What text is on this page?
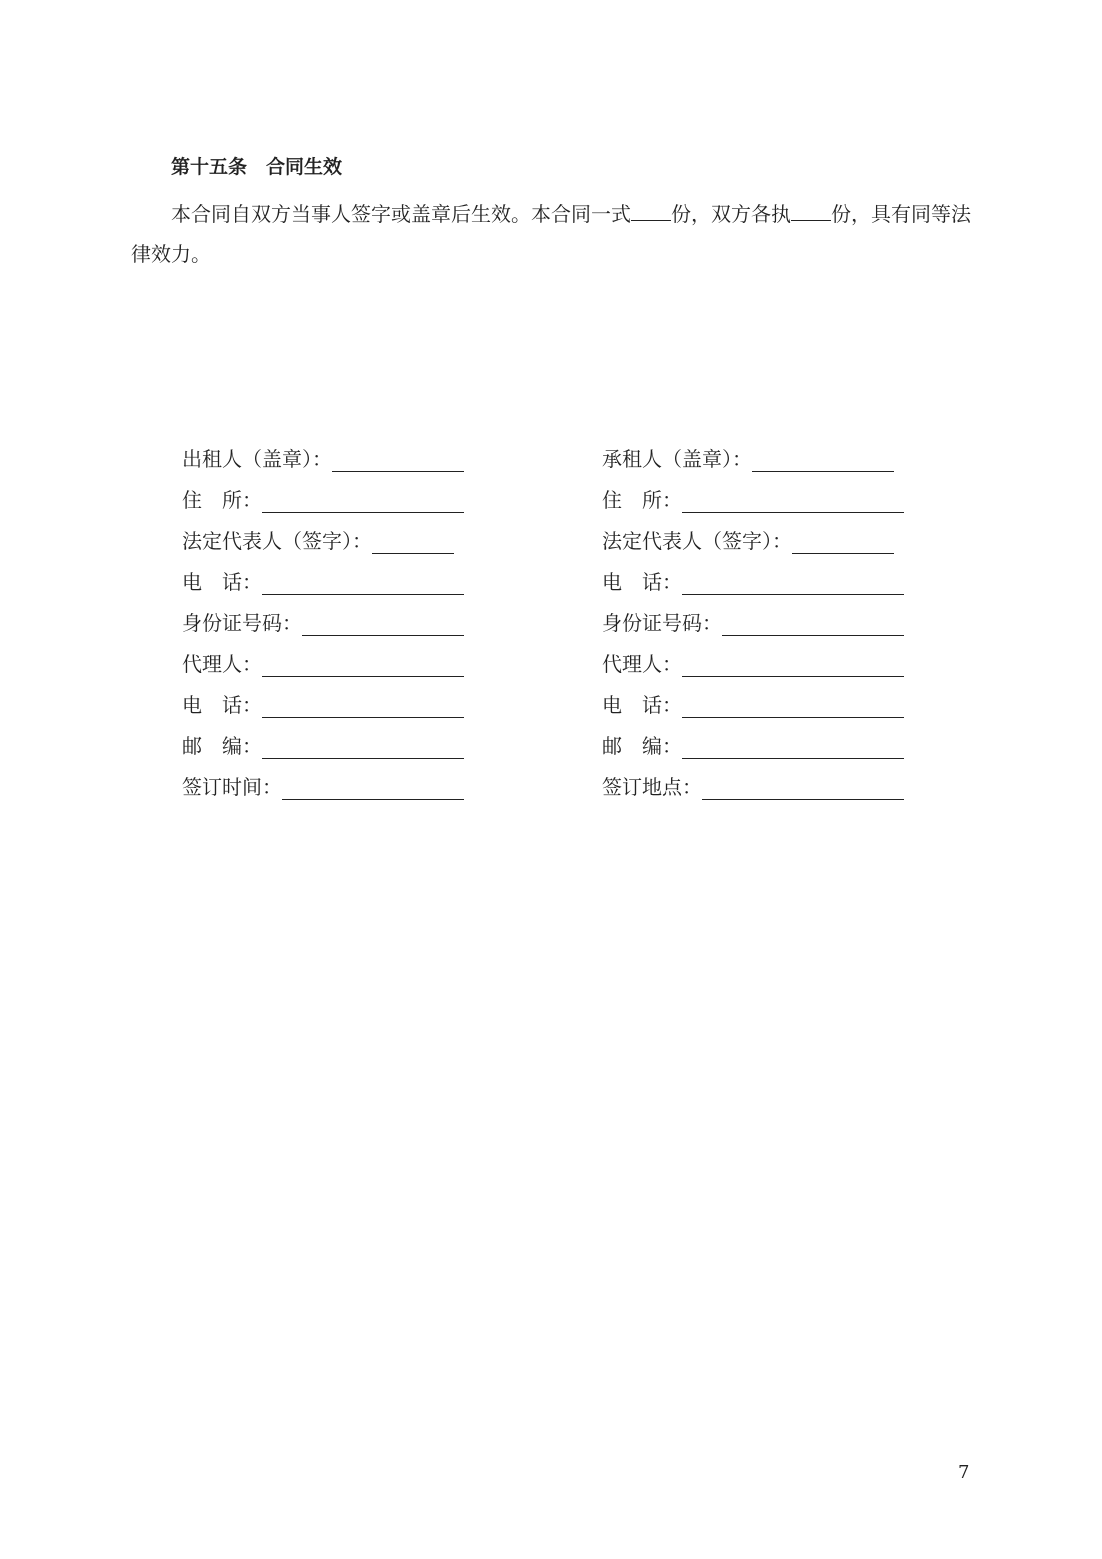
第十五条　合同生效
本合同自双方当事人签字或盖章后生效。本合同一式 份，双方各执 份，具有同等法律效力。
出租人（盖章）：
住　所：
法定代表人（签字）：
电　话：
身份证号码：
代理人：
电　话：
邮　编：
签订时间：
承租人（盖章）：
住　所：
法定代表人（签字）：
电　话：
身份证号码：
代理人：
电　话：
邮　编：
签订地点：
7
